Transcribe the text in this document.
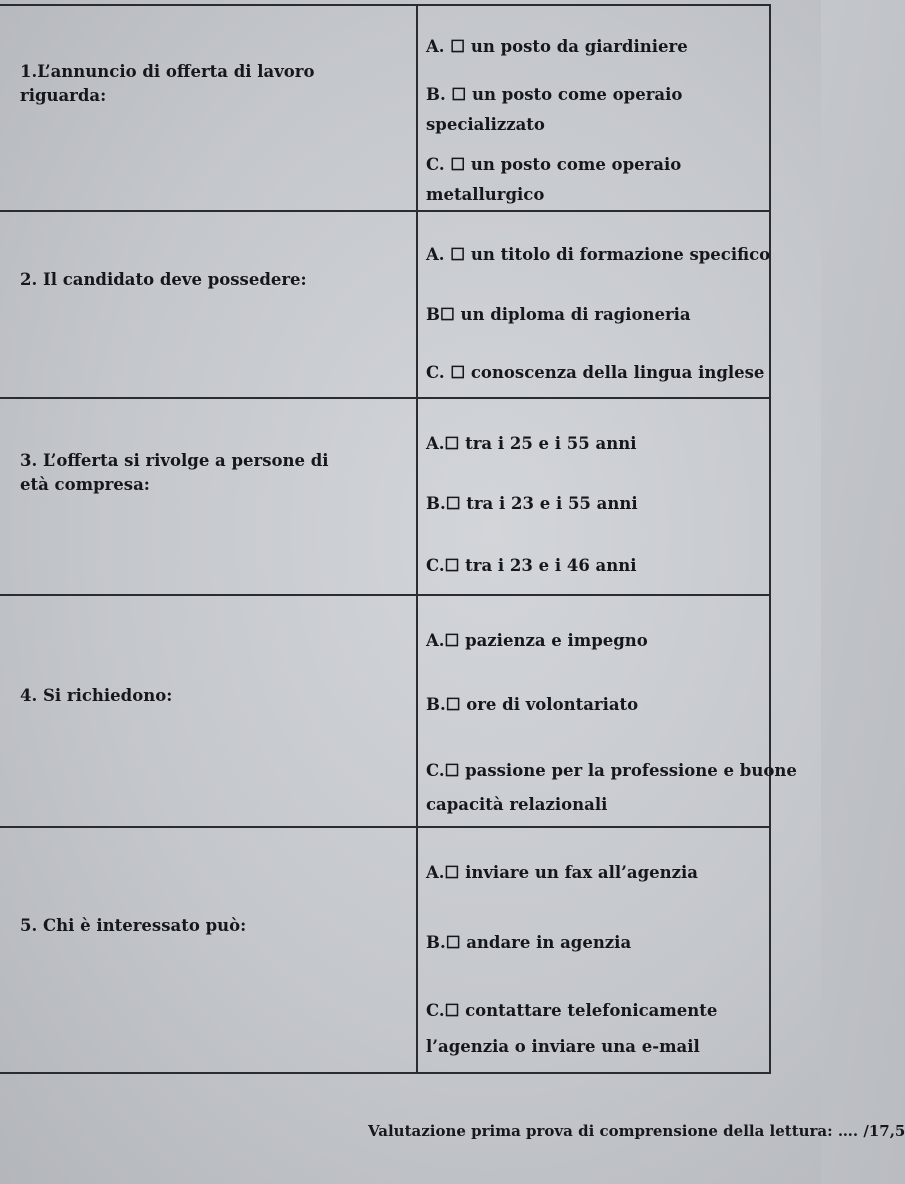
1.L’annuncio di offerta di lavoro riguarda:
A. ☐ un posto da giardiniere
B. ☐ un posto come operaio
specializzato
C. ☐ un posto come operaio
metallurgico
2. Il candidato deve possedere:
A. ☐ un titolo di formazione specifico
B☐ un diploma di ragioneria
C. ☐ conoscenza della lingua inglese
3. L’offerta si rivolge a persone di età compresa:
A.☐ tra i 25 e i 55 anni
B.☐ tra i 23 e i 55 anni
C.☐ tra i 23 e i 46 anni
4. Si richiedono:
A.☐ pazienza e impegno
B.☐ ore di volontariato
C.☐ passione per la professione e buone
capacità relazionali
5. Chi è interessato può:
A.☐ inviare un fax all’agenzia
B.☐ andare in agenzia
C.☐ contattare telefonicamente
l’agenzia o inviare una e-mail
Valutazione prima prova di comprensione della lettura: …. /17,5
